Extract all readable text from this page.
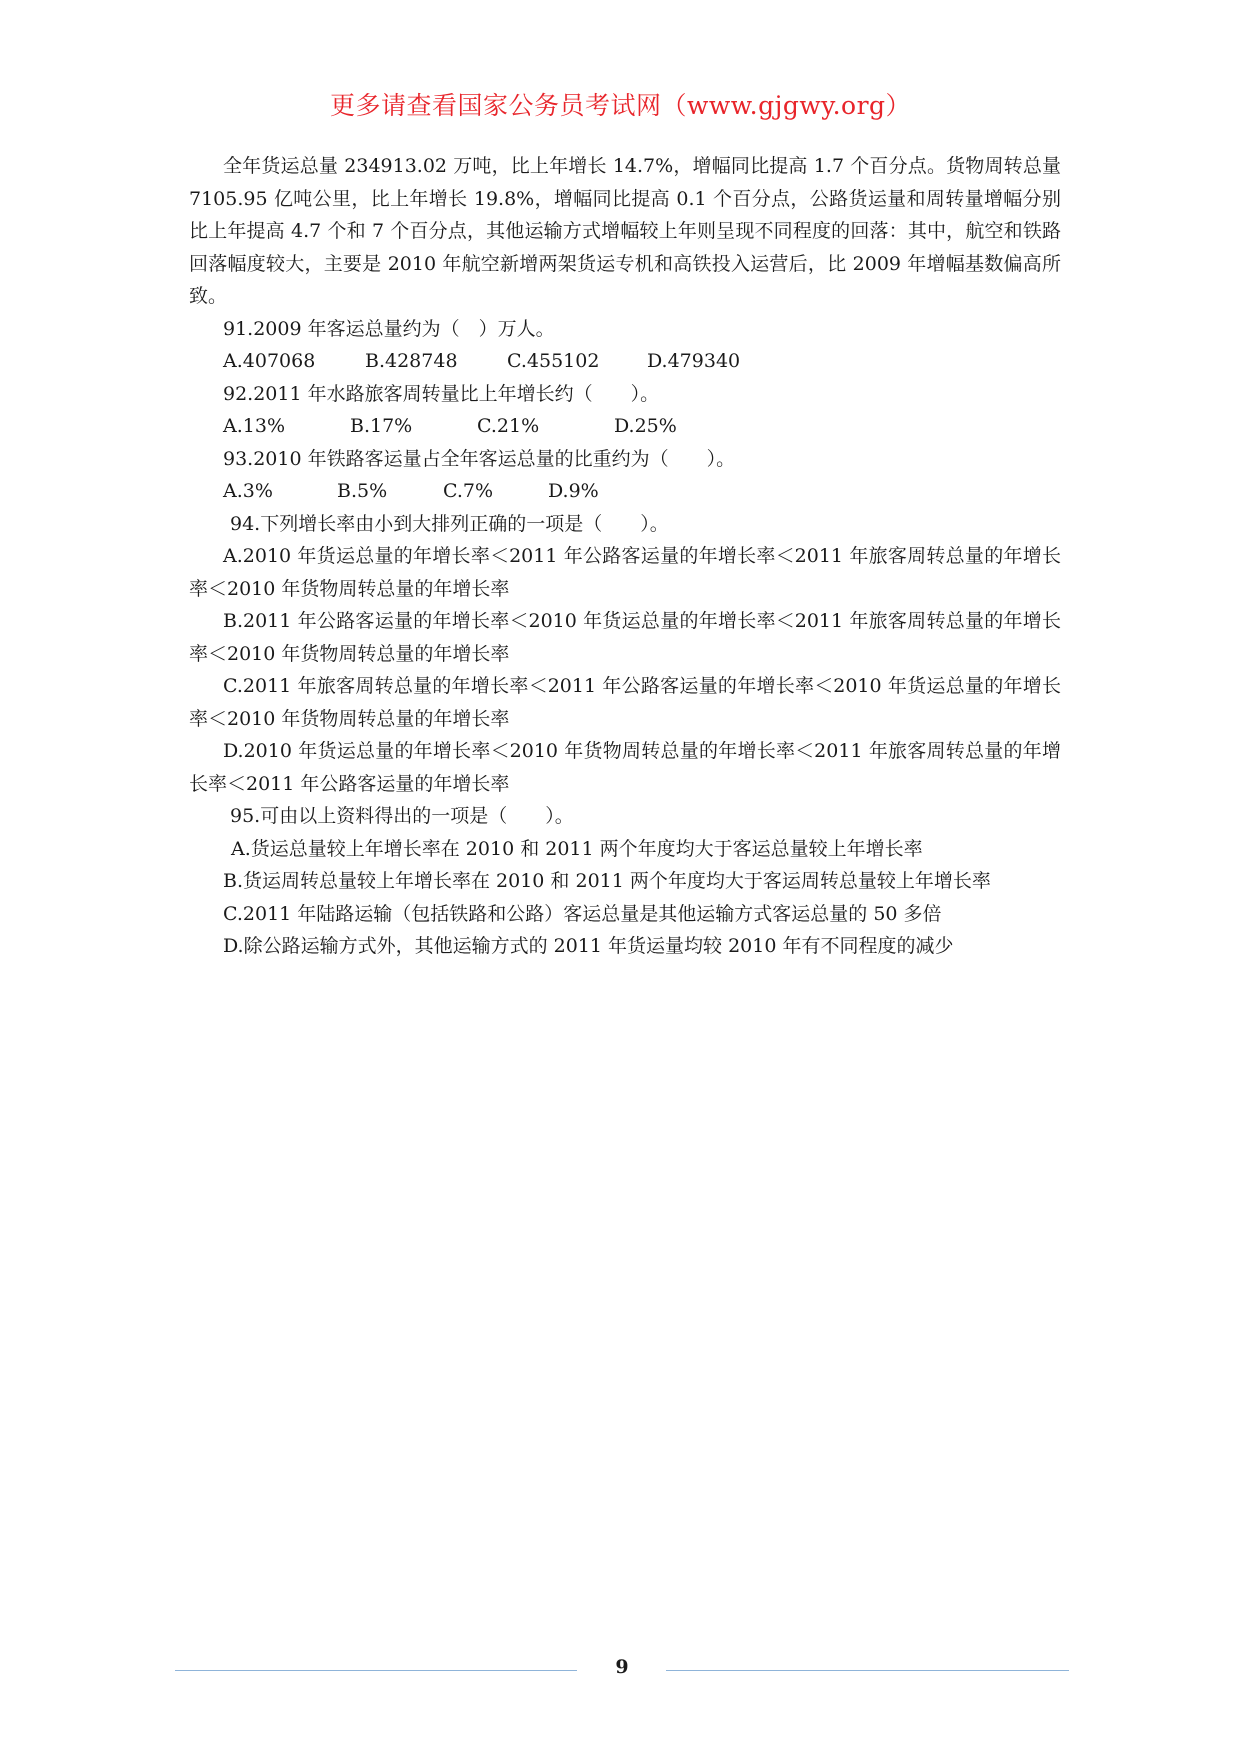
更多请查看国家公务员考试网（www.gjgwy.org）
全年货运总量 234913.02 万吨，比上年增长 14.7%，增幅同比提高 1.7 个百分点。货物周转总量 7105.95 亿吨公里，比上年增长 19.8%，增幅同比提高 0.1 个百分点，公路货运量和周转量增幅分别比上年提高 4.7 个和 7 个百分点，其他运输方式增幅较上年则呈现不同程度的回落：其中，航空和铁路回落幅度较大，主要是 2010 年航空新增两架货运专机和高铁投入运营后，比 2009 年增幅基数偏高所致。
91.2009 年客运总量约为（　）万人。
A.407068	B.428748	C.455102	D.479340
92.2011 年水路旅客周转量比上年增长约（　　）。
A.13%	B.17%	C.21%	D.25%
93.2010 年铁路客运量占全年客运总量的比重约为（　　）。
A.3%	B.5%	C.7%	D.9%
94.下列增长率由小到大排列正确的一项是（　　）。
A.2010 年货运总量的年增长率＜2011 年公路客运量的年增长率＜2011 年旅客周转总量的年增长率＜2010 年货物周转总量的年增长率
B.2011 年公路客运量的年增长率＜2010 年货运总量的年增长率＜2011 年旅客周转总量的年增长率＜2010 年货物周转总量的年增长率
C.2011 年旅客周转总量的年增长率＜2011 年公路客运量的年增长率＜2010 年货运总量的年增长率＜2010 年货物周转总量的年增长率
D.2010 年货运总量的年增长率＜2010 年货物周转总量的年增长率＜2011 年旅客周转总量的年增长率＜2011 年公路客运量的年增长率
95.可由以上资料得出的一项是（　　）。
A.货运总量较上年增长率在 2010 和 2011 两个年度均大于客运总量较上年增长率
B.货运周转总量较上年增长率在 2010 和 2011 两个年度均大于客运周转总量较上年增长率
C.2011 年陆路运输（包括铁路和公路）客运总量是其他运输方式客运总量的 50 多倍
D.除公路运输方式外，其他运输方式的 2011 年货运量均较 2010 年有不同程度的减少
9
